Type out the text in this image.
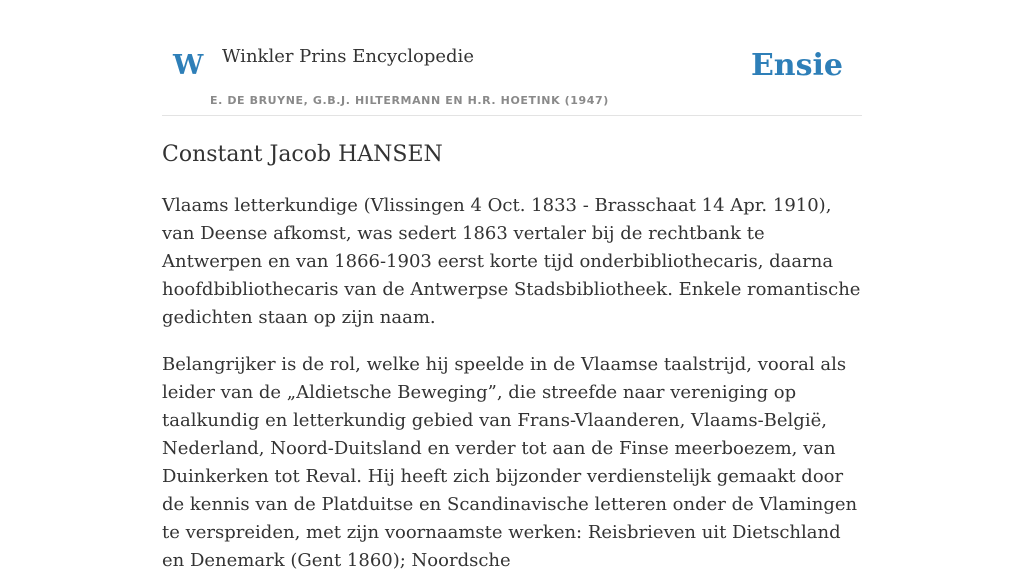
W Winkler Prins Encyclopedie
E. DE BRUYNE, G.B.J. HILTERMANN EN H.R. HOETINK (1947)
Ensie
Constant Jacob HANSEN

Vlaams letterkundige (Vlissingen 4 Oct. 1833 - Brasschaat 14 Apr. 1910), van Deense afkomst, was sedert 1863 vertaler bij de rechtbank te Antwerpen en van 1866-1903 eerst korte tijd onderbibliothecaris, daarna hoofdbibliothecaris van de Antwerpse Stadsbibliotheek. Enkele romantische gedichten staan op zijn naam.

Belangrijker is de rol, welke hij speelde in de Vlaamse taalstrijd, vooral als leider van de „Aldietsche Beweging”, die streefde naar vereniging op taalkundig en letterkundig gebied van Frans-Vlaanderen, Vlaams-België, Nederland, Noord-Duitsland en verder tot aan de Finse meerboezem, van Duinkerken tot Reval. Hij heeft zich bijzonder verdienstelijk gemaakt door de kennis van de Platduitse en Scandinavische letteren onder de Vlamingen te verspreiden, met zijn voornaamste werken: Reisbrieven uit Dietschland en Denemark (Gent 1860); Noordsche
